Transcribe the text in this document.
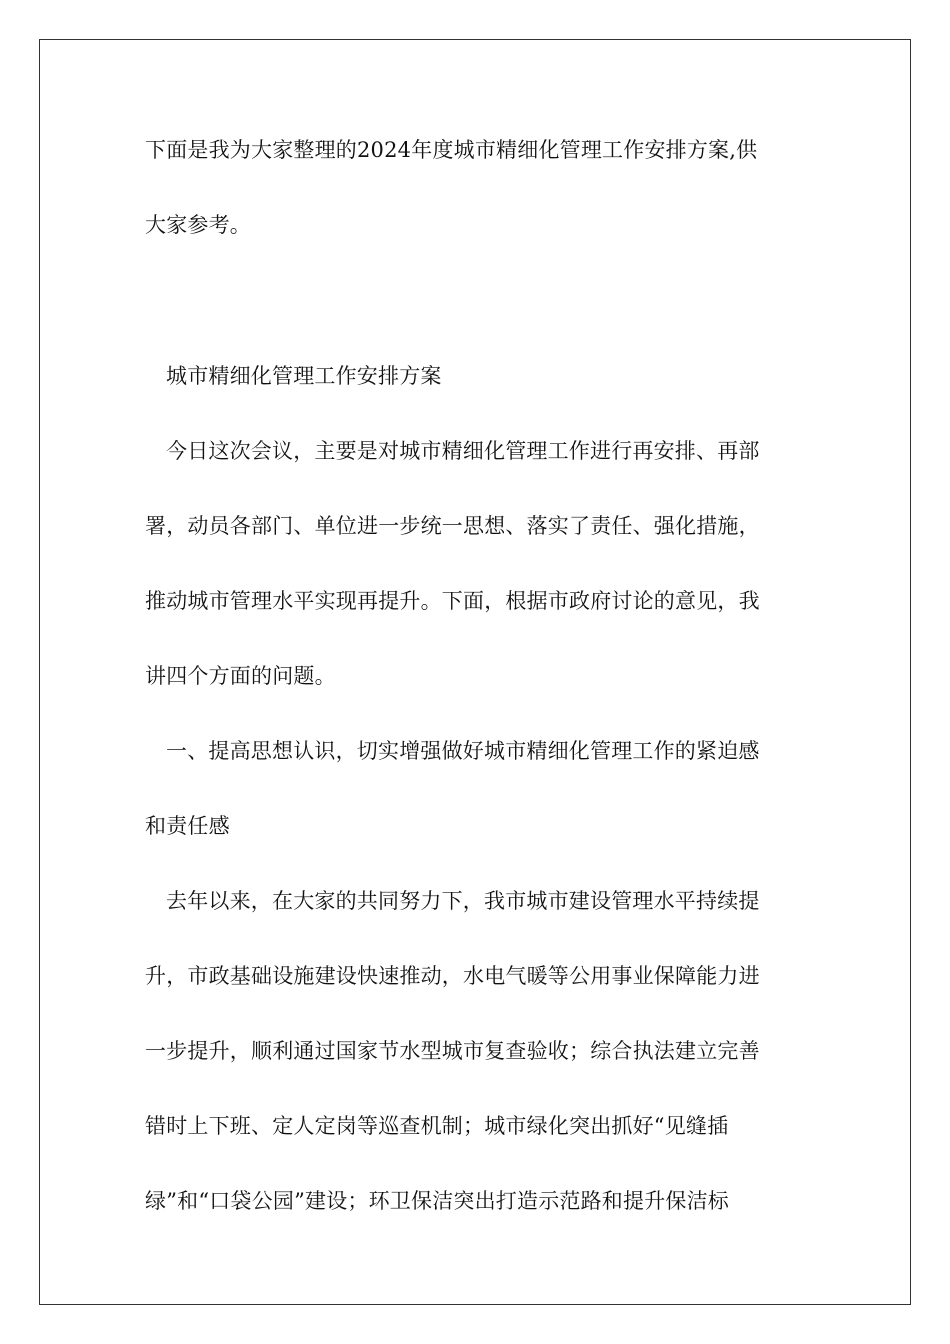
下面是我为大家整理的2024年度城市精细化管理工作安排方案,供
大家参考。
城市精细化管理工作安排方案
今日这次会议，主要是对城市精细化管理工作进行再安排、再部
署，动员各部门、单位进一步统一思想、落实了责任、强化措施，
推动城市管理水平实现再提升。下面，根据市政府讨论的意见，我
讲四个方面的问题。
一、提高思想认识，切实增强做好城市精细化管理工作的紧迫感
和责任感
去年以来，在大家的共同努力下，我市城市建设管理水平持续提
升，市政基础设施建设快速推动，水电气暖等公用事业保障能力进
一步提升，顺利通过国家节水型城市复查验收；综合执法建立完善
错时上下班、定人定岗等巡查机制；城市绿化突出抓好“见缝插
绿”和“口袋公园”建设；环卫保洁突出打造示范路和提升保洁标
